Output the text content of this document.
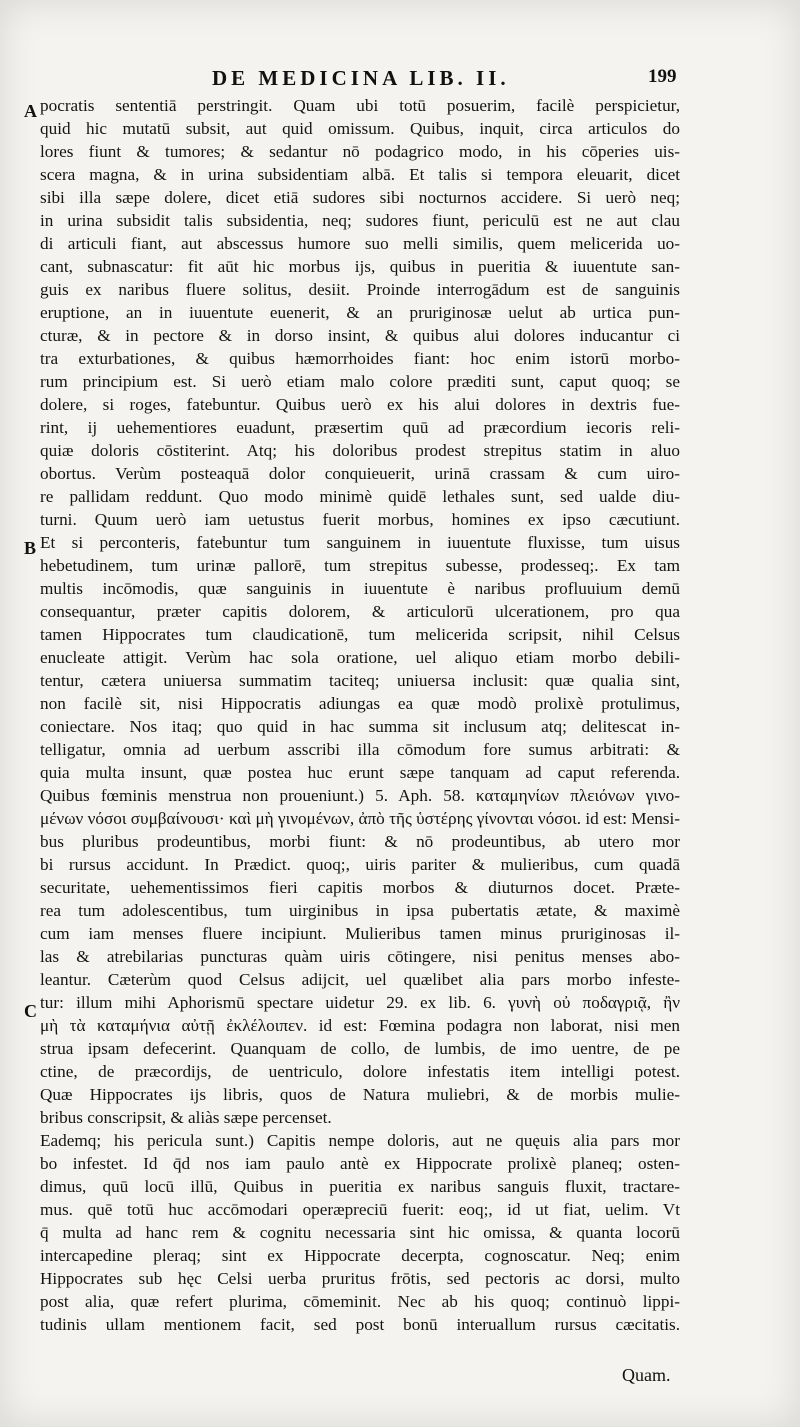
DE MEDICINA LIB. II.	199
A
B
C
pocratis sententiā perstringit. Quam ubi totū posuerim, facilè perspicietur,
quid hic mutatū subsit, aut quid omissum. Quibus, inquit, circa articulos do
lores fiunt & tumores; & sedantur nō podagrico modo, in his cōperies uis-
scera magna, & in urina subsidentiam albā. Et talis si tempora eleuarit, dicet
sibi illa sæpe dolere, dicet etiā sudores sibi nocturnos accidere. Si uerò neq;
in urina subsidit talis subsidentia, neq; sudores fiunt, periculū est ne aut clau
di articuli fiant, aut abscessus humore suo melli similis, quem melicerida uo-
cant, subnascatur: fit aūt hic morbus ijs, quibus in pueritia & iuuentute san-
guis ex naribus fluere solitus, desiit. Proinde interrogādum est de sanguinis
eruptione, an in iuuentute euenerit, & an pruriginosæ uelut ab urtica pun-
cturæ, & in pectore & in dorso insint, & quibus alui dolores inducantur ci
tra exturbationes, & quibus hæmorrhoides fiant: hoc enim istorū morbo-
rum principium est. Si uerò etiam malo colore præditi sunt, caput quoq; se
dolere, si roges, fatebuntur. Quibus uerò ex his alui dolores in dextris fue-
rint, ij uehementiores euadunt, præsertim quū ad præcordium iecoris reli-
quiæ doloris cōstiterint. Atq; his doloribus prodest strepitus statim in aluo
obortus. Verùm posteaquā dolor conquieuerit, urinā crassam & cum uiro-
re pallidam reddunt. Quo modo minimè quidē lethales sunt, sed ualde diu-
turni. Quum uerò iam uetustus fuerit morbus, homines ex ipso cæcutiunt.
Et si perconteris, fatebuntur tum sanguinem in iuuentute fluxisse, tum uisus
hebetudinem, tum urinæ pallorē, tum strepitus subesse, prodesseq;. Ex tam
multis incōmodis, quæ sanguinis in iuuentute è naribus profluuium demū
consequantur, præter capitis dolorem, & articulorū ulcerationem, pro qua
tamen Hippocrates tum claudicationē, tum melicerida scripsit, nihil Celsus
enucleate attigit. Verùm hac sola oratione, uel aliquo etiam morbo debili-
tentur, cætera uniuersa summatim taciteq; uniuersa inclusit: quæ qualia sint,
non facilè sit, nisi Hippocratis adiungas ea quæ modò prolixè protulimus,
coniectare. Nos itaq; quo quid in hac summa sit inclusum atq; delitescat in-
telligatur, omnia ad uerbum asscribi illa cōmodum fore sumus arbitrati: &
quia multa insunt, quæ postea huc erunt sæpe tanquam ad caput referenda.
Quibus fœminis menstrua non proueniunt.) 5. Aph. 58. καταμηνίων πλειόνων γινο-
μένων νόσοι συμβαίνουσι· καὶ μὴ γινομένων, ἀπὸ τῆς ὑστέρης γίνονται νόσοι. id est: Mensi-
bus pluribus prodeuntibus, morbi fiunt: & nō prodeuntibus, ab utero mor
bi rursus accidunt. In Prædict. quoq;, uiris pariter & mulieribus, cum quadā
securitate, uehementissimos fieri capitis morbos & diuturnos docet. Præte-
rea tum adolescentibus, tum uirginibus in ipsa pubertatis ætate, & maximè
cum iam menses fluere incipiunt. Mulieribus tamen minus pruriginosas il-
las & atrebilarias puncturas quàm uiris cōtingere, nisi penitus menses abo-
leantur. Cæterùm quod Celsus adijcit, uel quælibet alia pars morbo infeste-
tur: illum mihi Aphorismū spectare uidetur 29. ex lib. 6. γυνὴ οὐ ποδαγριᾷ, ἢν
μὴ τὰ καταμήνια αὐτῇ ἐκλέλοιπεν. id est: Fœmina podagra non laborat, nisi men
strua ipsam defecerint. Quanquam de collo, de lumbis, de imo uentre, de pe
ctine, de præcordijs, de uentriculo, dolore infestatis item intelligi potest.
Quæ Hippocrates ijs libris, quos de Natura muliebri, & de morbis mulie-
bribus conscripsit, & aliàs sæpe percenset.
Eademq; his pericula sunt.) Capitis nempe doloris, aut ne quęuis alia pars mor
bo infestet. Id q̄d nos iam paulo antè ex Hippocrate prolixè planeq; osten-
dimus, quū locū illū, Quibus in pueritia ex naribus sanguis fluxit, tractare-
mus. quē totū huc accōmodari operæpreciū fuerit: eoq;, id ut fiat, uelim. Vt
q̄ multa ad hanc rem & cognitu necessaria sint hic omissa, & quanta locorū
intercapedine pleraq; sint ex Hippocrate decerpta, cognoscatur. Neq; enim
Hippocrates sub hęc Celsi uerba pruritus frōtis, sed pectoris ac dorsi, multo
post alia, quæ refert plurima, cōmeminit. Nec ab his quoq; continuò lippi-
tudinis ullam mentionem facit, sed post bonū interuallum rursus cæcitatis.
Quam.
